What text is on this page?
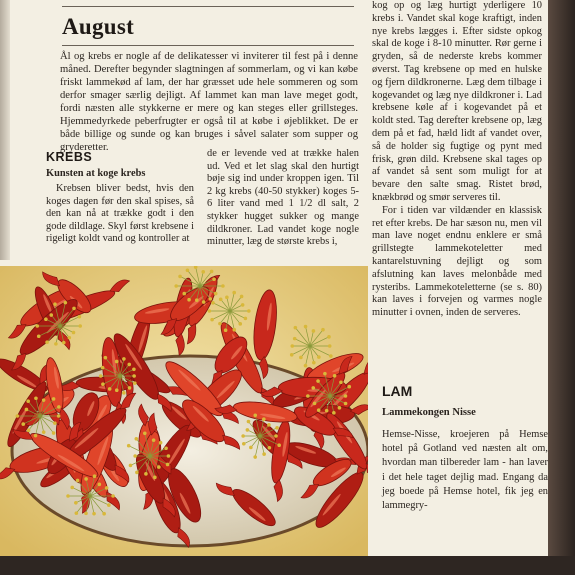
August

Ål og krebs er nogle af de delikatesser vi inviterer til fest på i denne måned. Derefter begynder slagtningen af sommerlam, og vi kan købe friskt lammekød af lam, der har græsset ude hele sommeren og som derfor smager særlig dejligt. Af lammet kan man lave meget godt, fordi næsten alle stykkerne er mere og kan steges eller grillsteges. Hjemmedyrkede peberfrugter er også til at købe i øjeblikket. De er både billige og sunde og kan bruges i såvel salater som supper og gryderetter.

KREBS
Kunsten at koge krebs

Krebsen bliver bedst, hvis den koges dagen før den skal spises, så den kan nå at trække godt i den gode dildlage. Skyl først krebsene i rigeligt koldt vand og kontroller at

de er levende ved at trække halen ud. Ved et let slag skal den hurtigt bøje sig ind under kroppen igen. Til 2 kg krebs (40-50 stykker) koges 5-6 liter vand med 1 1/2 dl salt, 2 stykker hugget sukker og mange dildkroner. Lad vandet koge nogle minutter, læg de største krebs i,

kog op og læg hurtigt yderligere 10 krebs i. Vandet skal koge kraftigt, inden nye krebs lægges i. Efter sidste opkog skal de koge i 8-10 minutter. Rør gerne i gryden, så de nederste krebs kommer øverst. Tag krebsene op med en hulske og fjern dildkronerne. Læg dem tilbage i kogevandet og læg nye dildkroner i. Lad krebsene køle af i kogevandet på et koldt sted. Tag derefter krebsene op, læg dem på et fad, hæld lidt af vandet over, så de holder sig fugtige og pynt med frisk, grøn dild. Krebsene skal tages op af vandet så sent som muligt for at bevare den salte smag. Ristet brød, knækbrød og smør serveres til.

For i tiden var vildænder en klassisk ret efter krebs. De har sæson nu, men vil man lave noget endnu enklere er små grillstegte lammekoteletter med kantarelstuvning dejligt og som afslutning kan laves melonbåde med rysteribs. Lammekoteletterne (se s. 80) kan laves i forvejen og varmes nogle minutter i ovnen, inden de serveres.

LAM
Lammekongen Nisse

Hemse-Nisse, kroejeren på Hemse hotel på Gotland ved næsten alt om, hvordan man tilbereder lam - han laver i det hele taget dejlig mad. Engang da jeg boede på Hemse hotel, fik jeg en lammegry-
